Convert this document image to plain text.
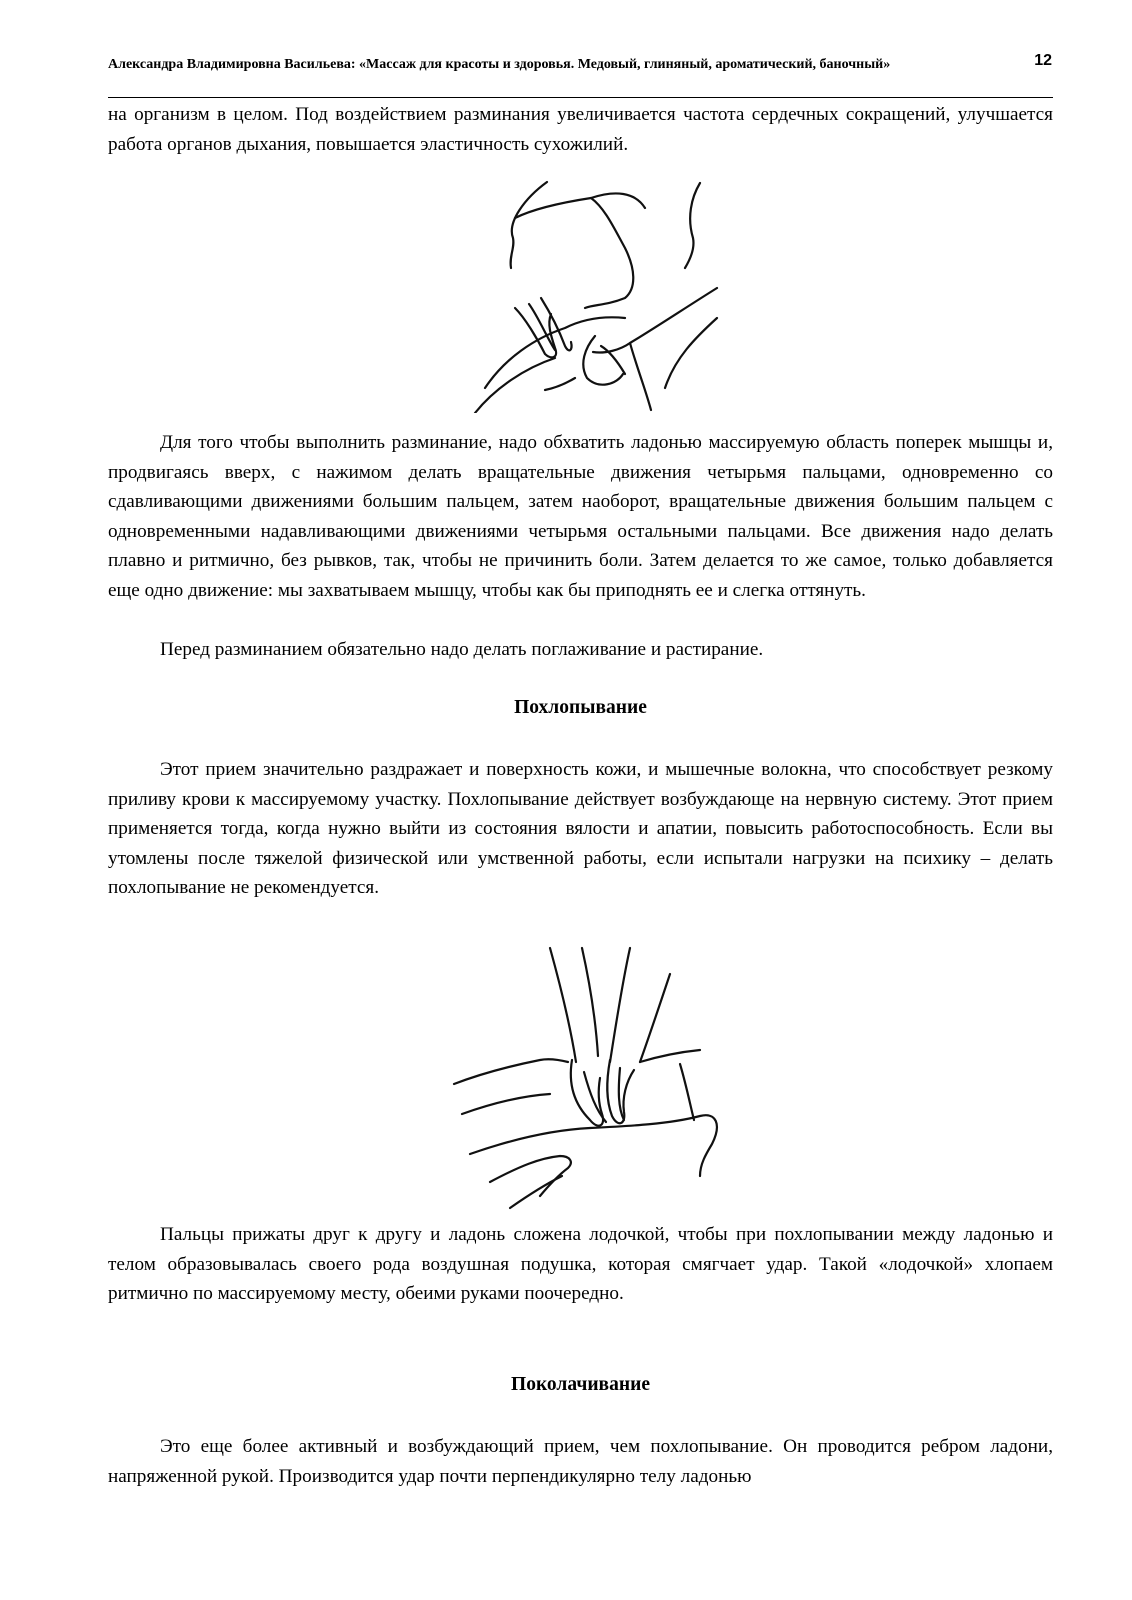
Александра Владимировна Васильева: «Массаж для красоты и здоровья. Медовый, глиняный, ароматический, баночный»	12

на организм в целом. Под воздействием разминания увеличивается частота сердечных сокращений, улучшается работа органов дыхания, повышается эластичность сухожилий.

Для того чтобы выполнить разминание, надо обхватить ладонью массируемую область поперек мышцы и, продвигаясь вверх, с нажимом делать вращательные движения четырьмя пальцами, одновременно со сдавливающими движениями большим пальцем, затем наоборот, вращательные движения большим пальцем с одновременными надавливающими движениями четырьмя остальными пальцами. Все движения надо делать плавно и ритмично, без рывков, так, чтобы не причинить боли. Затем делается то же самое, только добавляется еще одно движение: мы захватываем мышцу, чтобы как бы приподнять ее и слегка оттянуть.

Перед разминанием обязательно надо делать поглаживание и растирание.

Похлопывание

Этот прием значительно раздражает и поверхность кожи, и мышечные волокна, что способствует резкому приливу крови к массируемому участку. Похлопывание действует возбуждающе на нервную систему. Этот прием применяется тогда, когда нужно выйти из состояния вялости и апатии, повысить работоспособность. Если вы утомлены после тяжелой физической или умственной работы, если испытали нагрузки на психику – делать похлопывание не рекомендуется.

Пальцы прижаты друг к другу и ладонь сложена лодочкой, чтобы при похлопывании между ладонью и телом образовывалась своего рода воздушная подушка, которая смягчает удар. Такой «лодочкой» хлопаем ритмично по массируемому месту, обеими руками поочередно.

Поколачивание

Это еще более активный и возбуждающий прием, чем похлопывание. Он проводится ребром ладони, напряженной рукой. Производится удар почти перпендикулярно телу ладонью
